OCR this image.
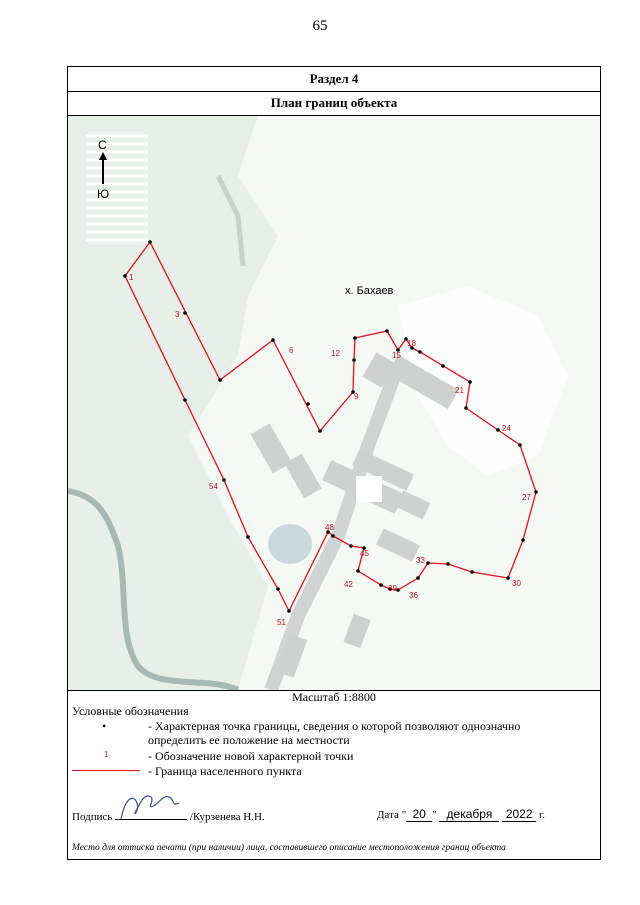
65
Раздел 4
План границ объекта
С
Ю
х. Бахаев
1
3
6
9
12	15
18
21
24
27
30
33
36
39
42
45
48
51
54
Масштаб 1:8800
Условные обозначения
•	- Характерная точка границы, сведения о которой позволяют однозначно определить ее положение на местности
1	- Обозначение новой характерной точки
- Граница населенного пункта
Подпись	/Курзенева Н.Н.	Дата " 20 " декабря 2022 г.
Место для оттиска печати (при наличии) лица, составившего описание местоположения границ объекта
